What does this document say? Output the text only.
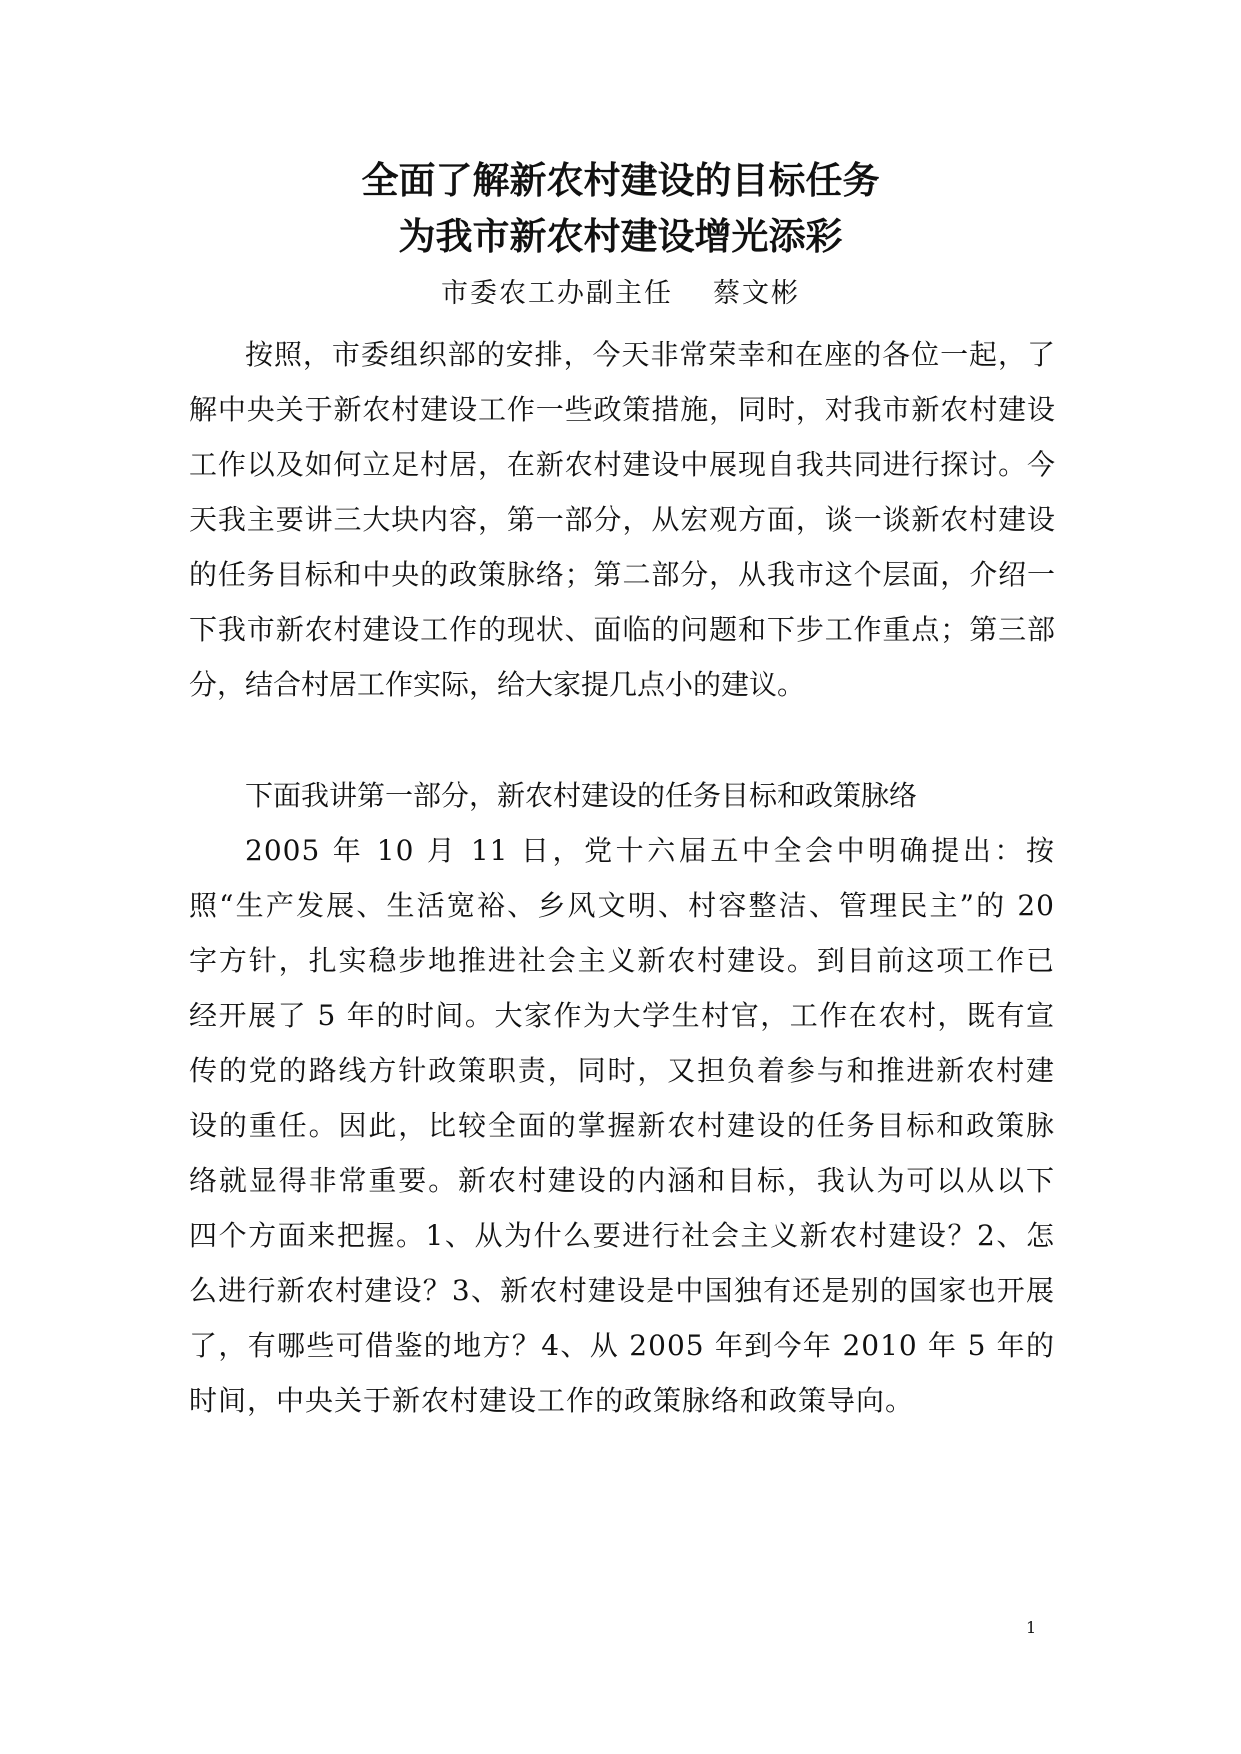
全面了解新农村建设的目标任务
为我市新农村建设增光添彩

市委农工办副主任 蔡文彬

按照，市委组织部的安排，今天非常荣幸和在座的各位一起，了解中央关于新农村建设工作一些政策措施，同时，对我市新农村建设工作以及如何立足村居，在新农村建设中展现自我共同进行探讨。今天我主要讲三大块内容，第一部分，从宏观方面，谈一谈新农村建设的任务目标和中央的政策脉络；第二部分，从我市这个层面，介绍一下我市新农村建设工作的现状、面临的问题和下步工作重点；第三部分，结合村居工作实际，给大家提几点小的建议。

下面我讲第一部分，新农村建设的任务目标和政策脉络

2005 年 10 月 11 日，党十六届五中全会中明确提出：按照“生产发展、生活宽裕、乡风文明、村容整洁、管理民主”的 20 字方针，扎实稳步地推进社会主义新农村建设。到目前这项工作已经开展了 5 年的时间。大家作为大学生村官，工作在农村，既有宣传的党的路线方针政策职责，同时，又担负着参与和推进新农村建设的重任。因此，比较全面的掌握新农村建设的任务目标和政策脉络就显得非常重要。新农村建设的内涵和目标，我认为可以从以下四个方面来把握。1、从为什么要进行社会主义新农村建设？2、怎么进行新农村建设？3、新农村建设是中国独有还是别的国家也开展了，有哪些可借鉴的地方？4、从 2005 年到今年 2010 年 5 年的时间，中央关于新农村建设工作的政策脉络和政策导向。

1
